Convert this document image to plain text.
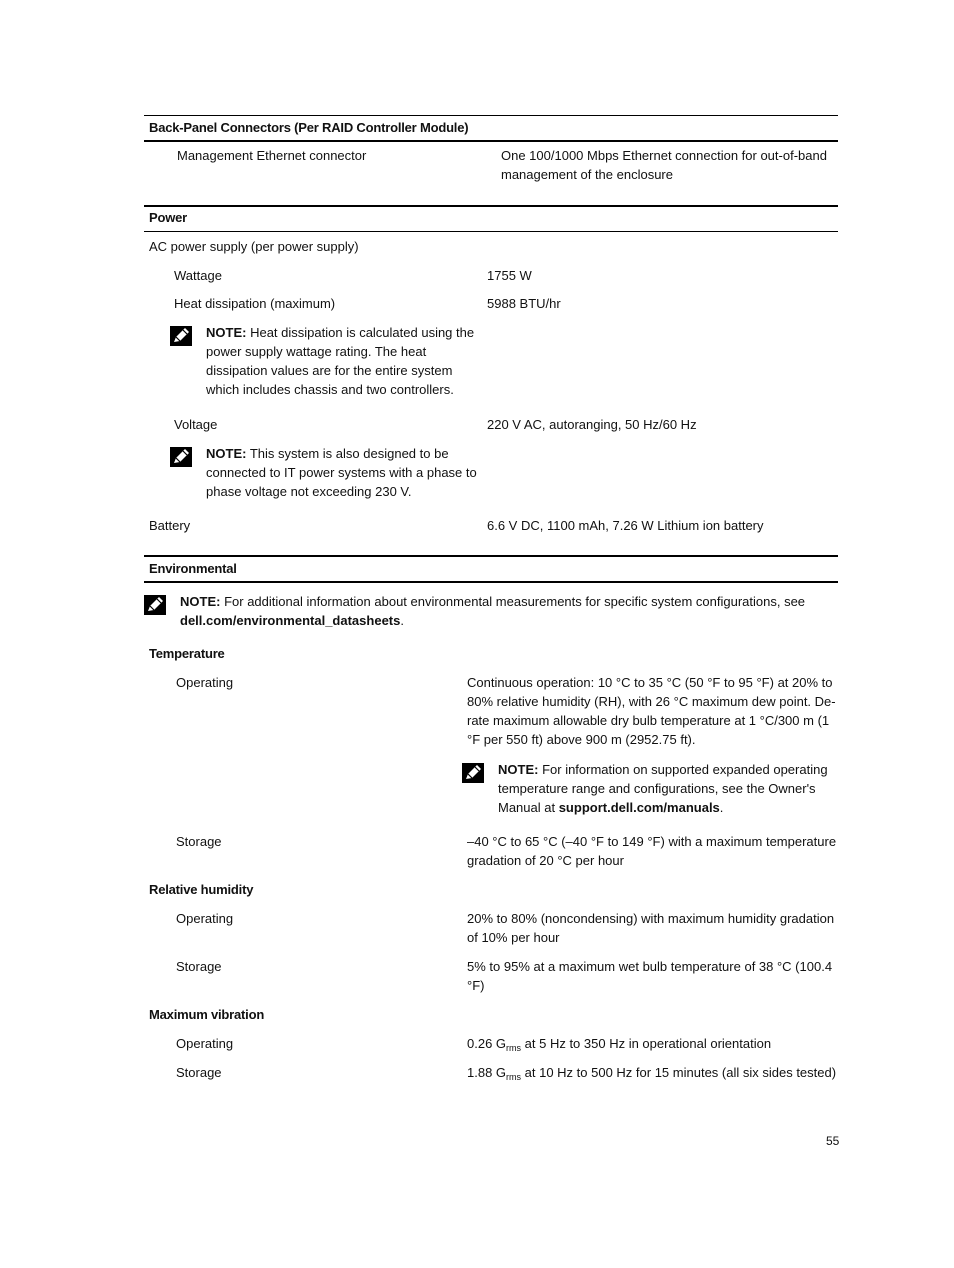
Back-Panel Connectors (Per RAID Controller Module)
Management Ethernet connector	One 100/1000 Mbps Ethernet connection for out-of-band
management of the enclosure
Power
AC power supply (per power supply)
Wattage	1755 W
Heat dissipation (maximum)	5988 BTU/hr
NOTE: Heat dissipation is calculated using the
power supply wattage rating. The heat
dissipation values are for the entire system
which includes chassis and two controllers.
Voltage	220 V AC, autoranging, 50 Hz/60 Hz
NOTE: This system is also designed to be
connected to IT power systems with a phase to
phase voltage not exceeding 230 V.
Battery	6.6 V DC, 1100 mAh, 7.26 W Lithium ion battery
Environmental
NOTE: For additional information about environmental measurements for specific system configurations, see
dell.com/environmental_datasheets.
Temperature
Operating	Continuous operation: 10 °C to 35 °C (50 °F to 95 °F) at 20% to
80% relative humidity (RH), with 26 °C maximum dew point. De-
rate maximum allowable dry bulb temperature at 1 °C/300 m (1
°F per 550 ft) above 900 m (2952.75 ft).
NOTE: For information on supported expanded operating
temperature range and configurations, see the Owner's
Manual at support.dell.com/manuals.
Storage	–40 °C to 65 °C (–40 °F to 149 °F) with a maximum temperature
gradation of 20 °C per hour
Relative humidity
Operating	20% to 80% (noncondensing) with maximum humidity gradation
of 10% per hour
Storage	5% to 95% at a maximum wet bulb temperature of 38 °C (100.4
°F)
Maximum vibration
Operating	0.26 $G_{rms}$ at 5 Hz to 350 Hz in operational orientation
Storage	1.88 $G_{rms}$ at 10 Hz to 500 Hz for 15 minutes (all six sides tested)
55
